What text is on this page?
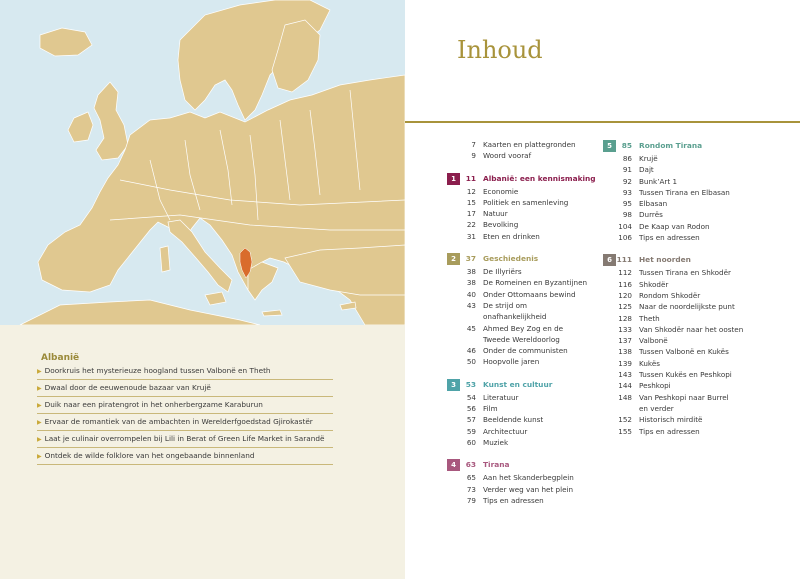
Albanië
▶ Doorkruis het mysterieuze hoogland tussen Valbonë en Theth
▶ Dwaal door de eeuwenoude bazaar van Krujë
▶ Duik naar een piratengrot in het onherbergzame Karaburun
▶ Ervaar de romantiek van de ambachten in Werelderfgoedstad Gjirokastër
▶ Laat je culinair overrompelen bij Lili in Berat of Green Life Market in Sarandë
▶ Ontdek de wilde folklore van het ongebaande binnenland
Inhoud
7 Kaarten en plattegronden
9 Woord vooraf
1	11 Albanië: een kennismaking
12 Economie
15 Politiek en samenleving
17 Natuur
22 Bevolking
31 Eten en drinken
2	37 Geschiedenis
38 De Illyriërs
38 De Romeinen en Byzantijnen
40 Onder Ottomaans bewind
43 De strijd om
onafhankelijkheid
45 Ahmed Bey Zog en de
Tweede Wereldoorlog
46 Onder de communisten
50 Hoopvolle jaren
3	53 Kunst en cultuur
54 Literatuur
56 Film
57 Beeldende kunst
59 Architectuur
60 Muziek
4	63 Tirana
65 Aan het Skanderbegplein
73 Verder weg van het plein
79 Tips en adressen
5	85 Rondom Tirana
86 Krujë
91 Dajt
92 Bunk’Art 1
93 Tussen Tirana en Elbasan
95 Elbasan
98 Durrës
104 De Kaap van Rodon
106 Tips en adressen
6 111 Het noorden
112 Tussen Tirana en Shkodër
116 Shkodër
120 Rondom Shkodër
125 Naar de noordelijkste punt
128 Theth
133 Van Shkodër naar het oosten
137 Valbonë
138 Tussen Valbonë en Kukës
139 Kukës
143 Tussen Kukës en Peshkopi
144 Peshkopi
148 Van Peshkopi naar Burrel
en verder
152 Historisch mirditë
155 Tips en adressen
